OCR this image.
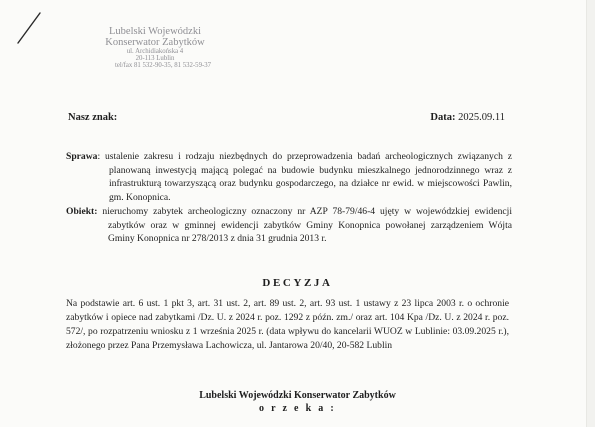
Lubelski Wojewódzki
Konserwator Zabytków
ul. Archidiakońska 4
20-113 Lublin
tel/fax 81 532-90-35, 81 532-59-37
Nasz znak:	Data: 2025.09.11
Sprawa: ustalenie zakresu i rodzaju niezbędnych do przeprowadzenia badań archeologicznych związanych z planowaną inwestycją mającą polegać na budowie budynku mieszkalnego jednorodzinnego wraz z infrastrukturą towarzyszącą oraz budynku gospodarczego, na działce nr ewid. w miejscowości Pawlin, gm. Konopnica.
Obiekt: nieruchomy zabytek archeologiczny oznaczony nr AZP 78-79/46-4 ujęty w wojewódzkiej ewidencji zabytków oraz w gminnej ewidencji zabytków Gminy Konopnica powołanej zarządzeniem Wójta Gminy Konopnica nr 278/2013 z dnia 31 grudnia 2013 r.
DECYZJA
Na podstawie art. 6 ust. 1 pkt 3, art. 31 ust. 2, art. 89 ust. 2, art. 93 ust. 1 ustawy z 23 lipca 2003 r. o ochronie zabytków i opiece nad zabytkami /Dz. U. z 2024 r. poz. 1292 z późn. zm./ oraz art. 104 Kpa /Dz. U. z 2024 r. poz. 572/, po rozpatrzeniu wniosku z 1 września 2025 r. (data wpływu do kancelarii WUOZ w Lublinie: 03.09.2025 r.), złożonego przez Pana Przemysława Lachowicza, ul. Jantarowa 20/40, 20-582 Lublin
Lubelski Wojewódzki Konserwator Zabytków
o r z e k a :
